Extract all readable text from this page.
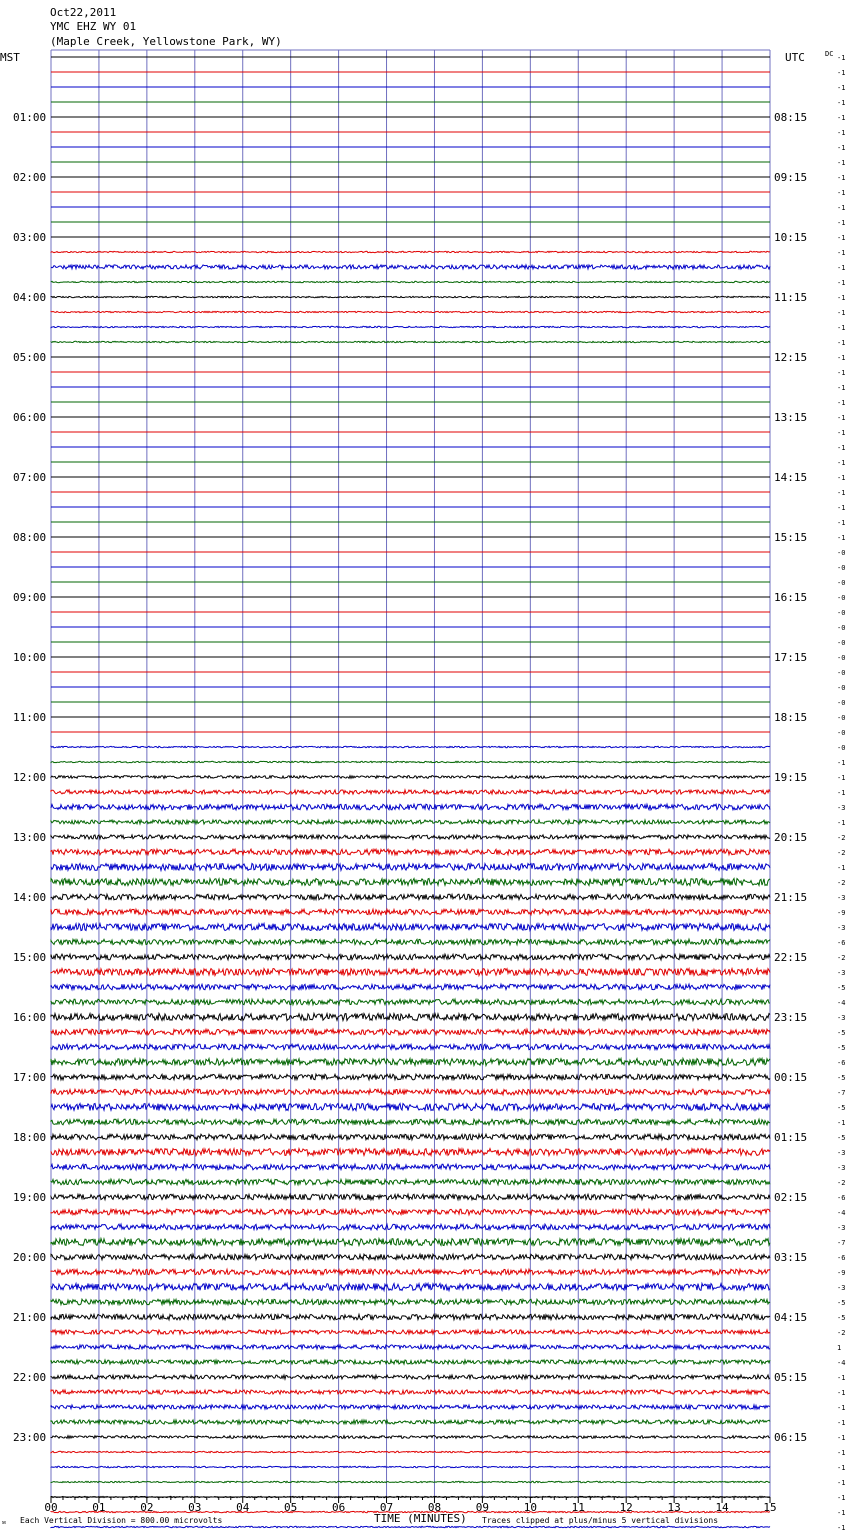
Oct22,2011
YMC EHZ WY 01
(Maple Creek, Yellowstone Park, WY)
MST	UTC	DC
01:00
02:00
03:00
04:00
05:00
06:00
07:00
08:00
09:00
10:00
11:00
12:00
13:00
14:00
15:00
16:00
17:00
18:00
19:00
20:00
21:00
22:00
23:00
08:15
09:15
10:15
11:15
12:15
13:15
14:15
15:15
16:15
17:15
18:15
19:15
20:15
21:15
22:15
23:15
00:15
01:15
02:15
03:15
04:15
05:15
06:15
-1
-1
-1
-1
-1
-1
-1
-1
-1
-1
-1
-1
-1
-1
-1
-1
-1
-1
-1
-1
-1
-1
-1
-1
-1
-1
-1
-1
-1
-1
-1
-1
-1
-0
-0
-0
-0
-0
-0
-0
-0
-0
-0
-0
-0
-0
-0
-1
-1
-1
-3
-1
-2
-2
-1
-2
-3
-9
-3
-6
-2
-3
-5
-4
-3
-5
-5
-6
-5
-7
-5
-1
-5
-3
-3
-2
-6
-4
-3
-7
-6
-9
-3
-5
-5
-2
1
-4
-1
-1
-1
-1
-1
-1
-1
-1
-1
-1
-1
00	01	02	03	04	05	06	07	08	09	10	11	12	13	14	15
TIME (MINUTES)
ᴍ Each Vertical Division = 800.00 microvolts	Traces clipped at plus/minus 5 vertical divisions
